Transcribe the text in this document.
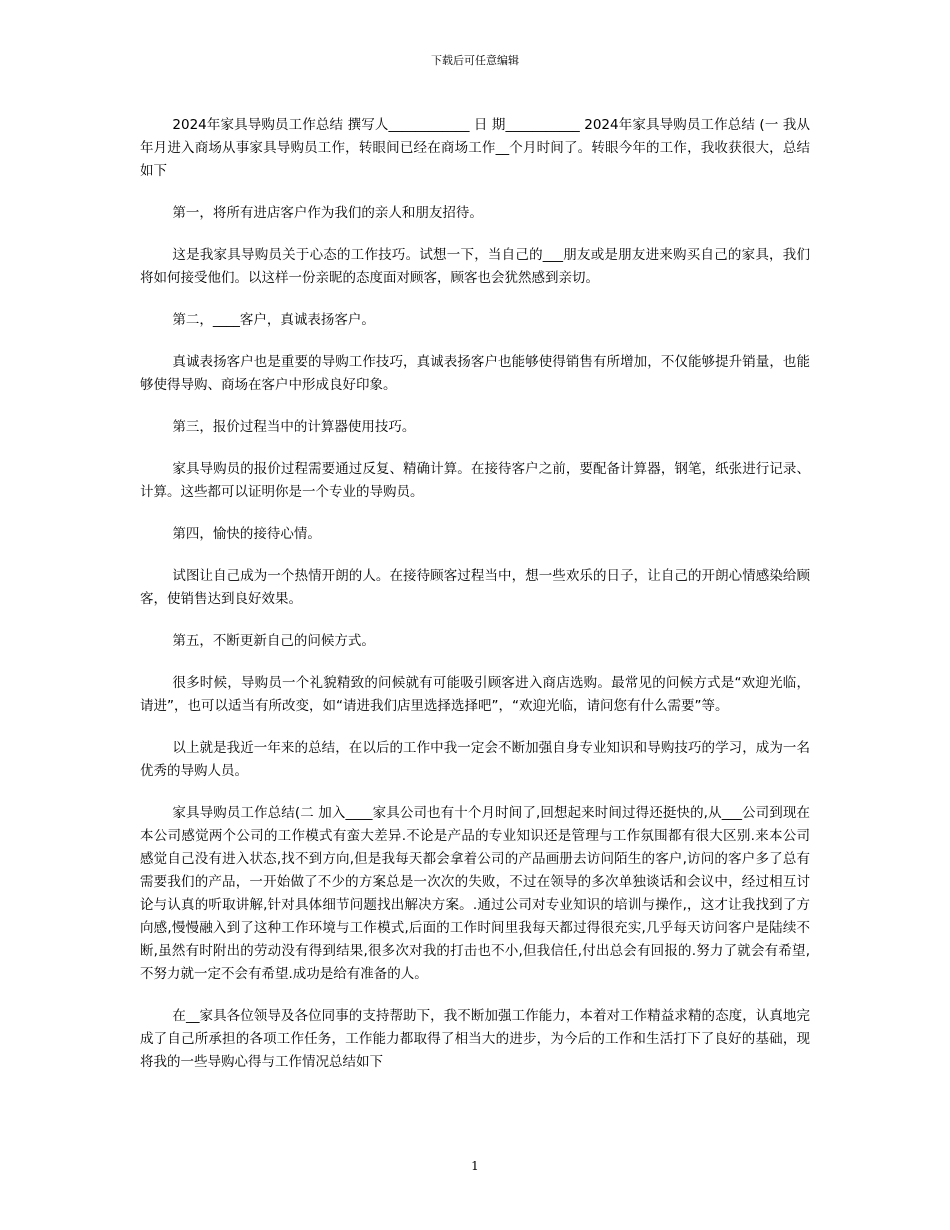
下载后可任意编辑

2024年家具导购员工作总结 撰写人____________ 日 期___________ 2024年家具导购员工作总结 (一 我从年月进入商场从事家具导购员工作，转眼间已经在商场工作__个月时间了。转眼今年的工作，我收获很大，总结如下

第一，将所有进店客户作为我们的亲人和朋友招待。

这是我家具导购员关于心态的工作技巧。试想一下，当自己的___朋友或是朋友进来购买自己的家具，我们将如何接受他们。以这样一份亲昵的态度面对顾客，顾客也会犹然感到亲切。

第二，____客户，真诚表扬客户。

真诚表扬客户也是重要的导购工作技巧，真诚表扬客户也能够使得销售有所增加，不仅能够提升销量，也能够使得导购、商场在客户中形成良好印象。

第三，报价过程当中的计算器使用技巧。

家具导购员的报价过程需要通过反复、精确计算。在接待客户之前，要配备计算器，钢笔，纸张进行记录、计算。这些都可以证明你是一个专业的导购员。

第四，愉快的接待心情。

试图让自己成为一个热情开朗的人。在接待顾客过程当中，想一些欢乐的日子，让自己的开朗心情感染给顾客，使销售达到良好效果。

第五，不断更新自己的问候方式。

很多时候，导购员一个礼貌精致的问候就有可能吸引顾客进入商店选购。最常见的问候方式是“欢迎光临，请进”，也可以适当有所改变，如“请进我们店里选择选择吧”，“欢迎光临，请问您有什么需要”等。

以上就是我近一年来的总结，在以后的工作中我一定会不断加强自身专业知识和导购技巧的学习，成为一名优秀的导购人员。

家具导购员工作总结(二 加入____家具公司也有十个月时间了,回想起来时间过得还挺快的,从___公司到现在本公司感觉两个公司的工作模式有蛮大差异.不论是产品的专业知识还是管理与工作氛围都有很大区别.来本公司感觉自己没有进入状态,找不到方向,但是我每天都会拿着公司的产品画册去访问陌生的客户,访问的客户多了总有需要我们的产品，一开始做了不少的方案总是一次次的失败，不过在领导的多次单独谈话和会议中，经过相互讨论与认真的听取讲解,针对具体细节问题找出解决方案。.通过公司对专业知识的培训与操作,，这才让我找到了方向感,慢慢融入到了这种工作环境与工作模式,后面的工作时间里我每天都过得很充实,几乎每天访问客户是陆续不断,虽然有时附出的劳动没有得到结果,很多次对我的打击也不小,但我信任,付出总会有回报的.努力了就会有希望,不努力就一定不会有希望.成功是给有准备的人。

在__家具各位领导及各位同事的支持帮助下，我不断加强工作能力，本着对工作精益求精的态度，认真地完成了自己所承担的各项工作任务，工作能力都取得了相当大的进步，为今后的工作和生活打下了良好的基础，现将我的一些导购心得与工作情况总结如下

1
